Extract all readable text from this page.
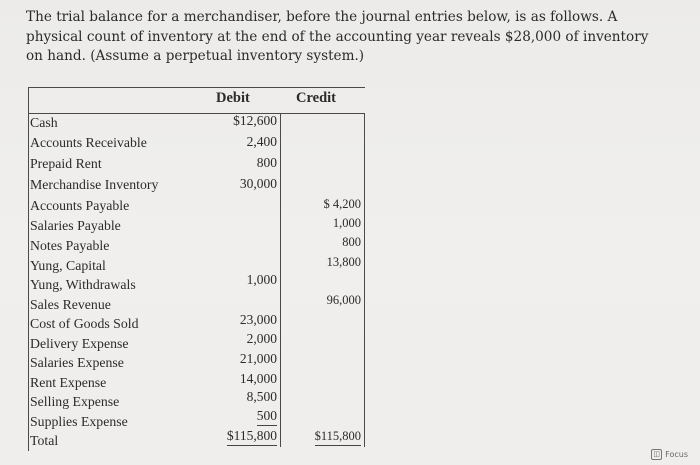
The trial balance for a merchandiser, before the journal entries below, is as follows. A physical count of inventory at the end of the accounting year reveals $28,000 of inventory on hand. (Assume a perpetual inventory system.)
Debit	Credit
Cash
Accounts Receivable
Prepaid Rent
Merchandise Inventory
Accounts Payable
Salaries Payable
Notes Payable
Yung, Capital
Yung, Withdrawals
Sales Revenue
Cost of Goods Sold
Delivery Expense
Salaries Expense
Rent Expense
Selling Expense
Supplies Expense
Total
$12,600
2,400
800
30,000
1,000
23,000
2,000
21,000
14,000
8,500
500
$115,800
$ 4,200
1,000
800
13,800
96,000
$115,800
◫ Focus
